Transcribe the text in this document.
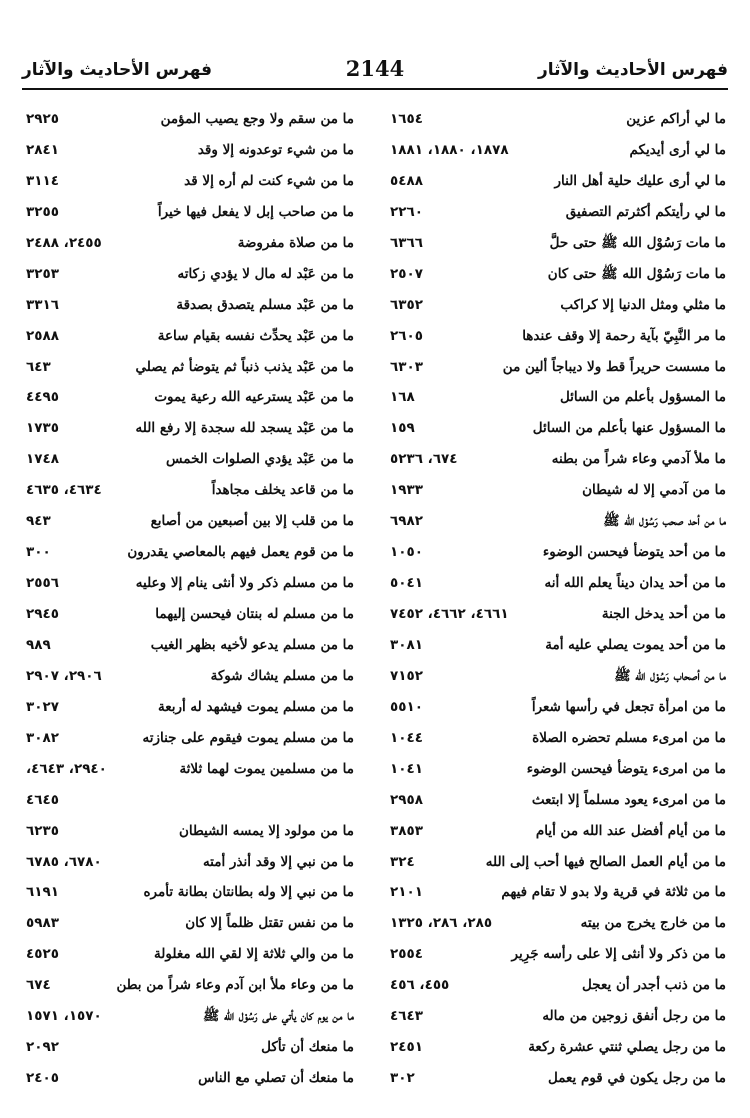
فهرس الأحاديث والآثار
2144
فهرس الأحاديث والآثار
ما لي أراكم عزين
١٦٥٤
ما لي أرى أيديكم
١٨٧٨، ١٨٨٠، ١٨٨١
ما لي أرى عليك حلية أهل النار
٥٤٨٨
ما لي رأيتكم أكثرتم التصفيق
٢٢٦٠
ما مات رَسُوْل الله ﷺ حتى حلَّ
٦٣٦٦
ما مات رَسُوْل الله ﷺ حتى كان
٢٥٠٧
ما مثلي ومثل الدنيا إلا كراكب
٦٣٥٢
ما مر النَّبِيّ بآية رحمة إلا وقف عندها
٢٦٠٥
ما مسست حريراً قط ولا ديباجاً ألين من
٦٣٠٣
ما المسؤول بأعلم من السائل
١٦٨
ما المسؤول عنها بأعلم من السائل
١٥٩
ما ملأ آدمي وعاء شراً من بطنه
٦٧٤، ٥٢٣٦
ما من آدمي إلا له شيطان
١٩٣٣
ما من أحد صحب رَسُوْل الله ﷺ
٦٩٨٢
ما من أحد يتوضأ فيحسن الوضوء
١٠٥٠
ما من أحد يدان ديناً يعلم الله أنه
٥٠٤١
ما من أحد يدخل الجنة
٤٦٦١، ٤٦٦٢، ٧٤٥٢
ما من أحد يموت يصلي عليه أمة
٣٠٨١
ما من أصحاب رَسُوْل الله ﷺ
٧١٥٢
ما من امرأة تجعل في رأسها شعراً
٥٥١٠
ما من امرىء مسلم تحضره الصلاة
١٠٤٤
ما من امرىء يتوضأ فيحسن الوضوء
١٠٤١
ما من امرىء يعود مسلماً إلا ابتعث
٢٩٥٨
ما من أيام أفضل عند الله من أيام
٣٨٥٣
ما من أيام العمل الصالح فيها أحب إلى الله
٣٢٤
ما من ثلاثة في قرية ولا بدو لا تقام فيهم
٢١٠١
ما من خارج يخرج من بيته
٢٨٥، ٢٨٦، ١٣٢٥
ما من ذكر ولا أنثى إلا على رأسه جَرِير
٢٥٥٤
ما من ذنب أجدر أن يعجل
٤٥٥، ٤٥٦
ما من رجل أنفق زوجين من ماله
٤٦٤٣
ما من رجل يصلي ثنتي عشرة ركعة
٢٤٥١
ما من رجل يكون في قوم يعمل
٣٠٢
ما من سقم ولا وجع يصيب المؤمن
٢٩٢٥
ما من شيء توعدونه إلا وقد
٢٨٤١
ما من شيء كنت لم أره إلا قد
٣١١٤
ما من صاحب إبل لا يفعل فيها خيراً
٣٢٥٥
ما من صلاة مفروضة
٢٤٥٥، ٢٤٨٨
ما من عَبْد له مال لا يؤدي زكاته
٣٢٥٣
ما من عَبْد مسلم يتصدق بصدقة
٣٣١٦
ما من عَبْد يحدِّث نفسه بقيام ساعة
٢٥٨٨
ما من عَبْد يذنب ذنباً ثم يتوضأ ثم يصلي
٦٤٣
ما من عَبْد يسترعيه الله رعية يموت
٤٤٩٥
ما من عَبْد يسجد لله سجدة إلا رفع الله
١٧٣٥
ما من عَبْد يؤدي الصلوات الخمس
١٧٤٨
ما من قاعد يخلف مجاهداً
٤٦٣٤، ٤٦٣٥
ما من قلب إلا بين أصبعين من أصابع
٩٤٣
ما من قوم يعمل فيهم بالمعاصي يقدرون
٣٠٠
ما من مسلم ذكر ولا أنثى ينام إلا وعليه
٢٥٥٦
ما من مسلم له بنتان فيحسن إليهما
٢٩٤٥
ما من مسلم يدعو لأخيه بظهر الغيب
٩٨٩
ما من مسلم يشاك شوكة
٢٩٠٦، ٢٩٠٧
ما من مسلم يموت فيشهد له أربعة
٣٠٢٧
ما من مسلم يموت فيقوم على جنازته
٣٠٨٢
ما من مسلمين يموت لهما ثلاثة
٢٩٤٠، ٤٦٤٣،
٤٦٤٥
ما من مولود إلا يمسه الشيطان
٦٢٣٥
ما من نبي إلا وقد أنذر أمته
٦٧٨٠، ٦٧٨٥
ما من نبي إلا وله بطانتان بطانة تأمره
٦١٩١
ما من نفس تقتل ظلماً إلا كان
٥٩٨٣
ما من والي ثلاثة إلا لقي الله مغلولة
٤٥٢٥
ما من وعاء ملأ ابن آدم وعاء شراً من بطن
٦٧٤
ما من يوم كان يأتي على رَسُوْل الله ﷺ
١٥٧٠، ١٥٧١
ما منعك أن تأكل
٢٠٩٢
ما منعك أن تصلي مع الناس
٢٤٠٥
